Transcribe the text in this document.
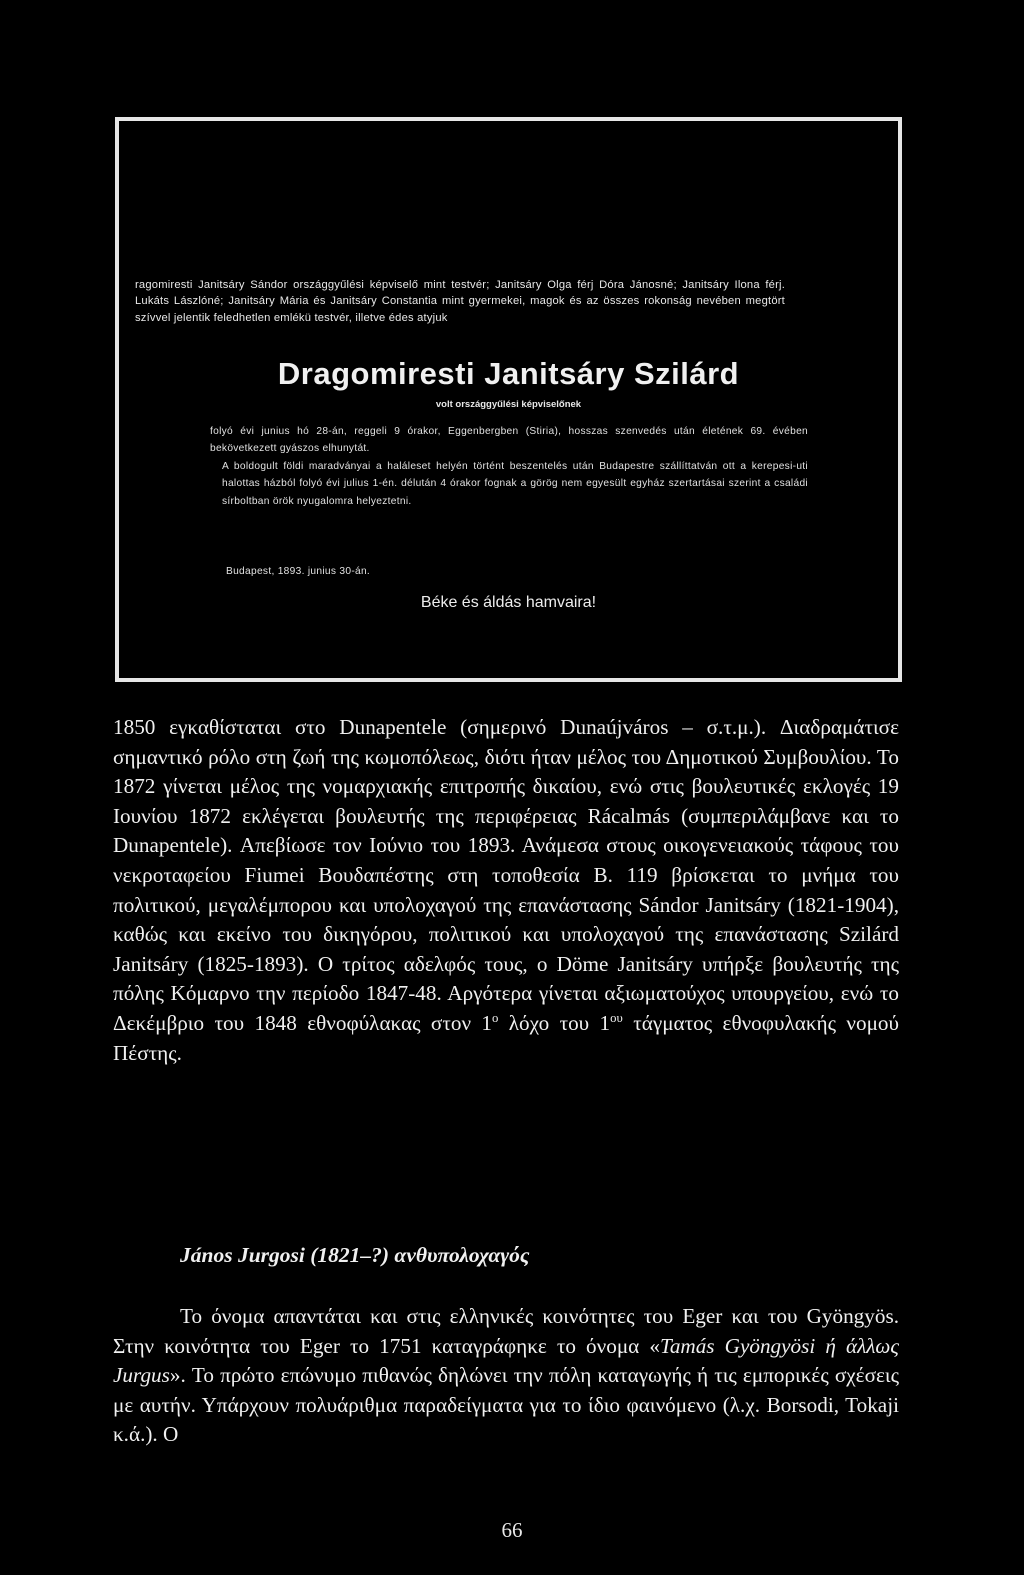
ragomiresti Janitsáry Sándor országgyűlési képviselő mint testvér; Janitsáry Olga férj Dóra Jánosné; Janitsáry Ilona férj. Lukáts Lászlóné; Janitsáry Mária és Janitsáry Constantia mint gyermekei, magok és az összes rokonság nevében megtört szívvel jelentik feledhetlen emlékü testvér, illetve édes atyjuk

Dragomiresti Janitsáry Szilárd

volt országgyűlési képviselőnek

folyó évi junius hó 28-án, reggeli 9 órakor, Eggenbergben (Stiria), hosszas szenvedés után életének 69. évében bekövetkezett gyászos elhunytát.

A boldogult földi maradványai a haláleset helyén történt beszentelés után Budapestre szállíttatván ott a kerepesi-uti halottas házból folyó évi julius 1-én. délután 4 órakor fognak a görög nem egyesült egyház szertartásai szerint a családi sírboltban örök nyugalomra helyeztetni.

Budapest, 1893. junius 30-án.

Béke és áldás hamvaira!

1850 εγκαθίσταται στο Dunapentele (σημερινό Dunaújváros – σ.τ.μ.). Διαδραμάτισε σημαντικό ρόλο στη ζωή της κωμοπόλεως, διότι ήταν μέλος του Δημοτικού Συμβουλίου. Το 1872 γίνεται μέλος της νομαρχιακής επιτροπής δικαίου, ενώ στις βουλευτικές εκλογές 19 Ιουνίου 1872 εκλέγεται βουλευτής της περιφέρειας Rácalmás (συμπεριλάμβανε και το Dunapentele). Απεβίωσε τον Ιούνιο του 1893. Ανάμεσα στους οικογενειακούς τάφους του νεκροταφείου Fiumei Βουδαπέστης στη τοποθεσία Β. 119 βρίσκεται το μνήμα του πολιτικού, μεγαλέμπορου και υπολοχαγού της επανάστασης Sándor Janitsáry (1821-1904), καθώς και εκείνο του δικηγόρου, πολιτικού και υπολοχαγού της επανάστασης Szilárd Janitsáry (1825-1893). Ο τρίτος αδελφός τους, ο Döme Janitsáry υπήρξε βουλευτής της πόλης Κόμαρνο την περίοδο 1847-48. Αργότερα γίνεται αξιωματούχος υπουργείου, ενώ το Δεκέμβριο του 1848 εθνοφύλακας στον $1^o$ λόχο του $1^{o\upsilon}$ τάγματος εθνοφυλακής νομού Πέστης.

János Jurgosi (1821–?) ανθυπολοχαγός

Το όνομα απαντάται και στις ελληνικές κοινότητες του Eger και του Gyöngyös. Στην κοινότητα του Eger το 1751 καταγράφηκε το όνομα «Tamás Gyöngyösi ή άλλως Jurgus». Το πρώτο επώνυμο πιθανώς δηλώνει την πόλη καταγωγής ή τις εμπορικές σχέσεις με αυτήν. Υπάρχουν πολυάριθμα παραδείγματα για το ίδιο φαινόμενο (λ.χ. Borsodi, Tokaji κ.ά.). Ο

66
